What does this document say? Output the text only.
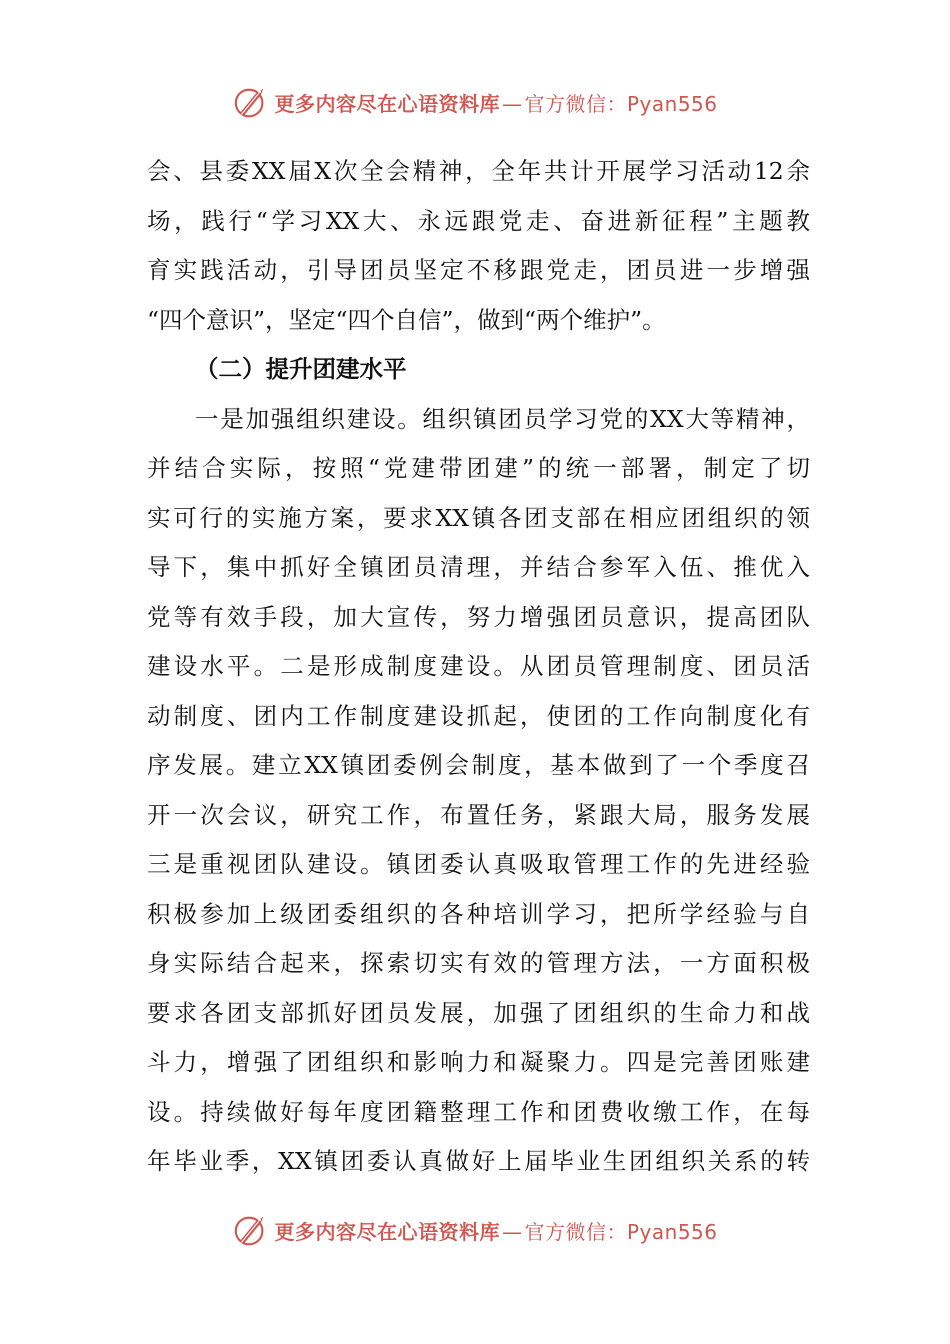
更多内容尽在心语资料库 — 官方微信：Pyan556
会、县委XX届X次全会精神，全年共计开展学习活动12余
场，践行“学习XX大、永远跟党走、奋进新征程”主题教
育实践活动，引导团员坚定不移跟党走，团员进一步增强
“四个意识”，坚定“四个自信”，做到“两个维护”。
（二）提升团建水平
一是加强组织建设。组织镇团员学习党的XX大等精神，
并结合实际，按照“党建带团建”的统一部署，制定了切
实可行的实施方案，要求XX镇各团支部在相应团组织的领
导下，集中抓好全镇团员清理，并结合参军入伍、推优入
党等有效手段，加大宣传，努力增强团员意识，提高团队
建设水平。二是形成制度建设。从团员管理制度、团员活
动制度、团内工作制度建设抓起，使团的工作向制度化有
序发展。建立XX镇团委例会制度，基本做到了一个季度召
开一次会议，研究工作，布置任务，紧跟大局，服务发展
三是重视团队建设。镇团委认真吸取管理工作的先进经验
积极参加上级团委组织的各种培训学习，把所学经验与自
身实际结合起来，探索切实有效的管理方法，一方面积极
要求各团支部抓好团员发展，加强了团组织的生命力和战
斗力，增强了团组织和影响力和凝聚力。四是完善团账建
设。持续做好每年度团籍整理工作和团费收缴工作，在每
年毕业季，XX镇团委认真做好上届毕业生团组织关系的转
更多内容尽在心语资料库 — 官方微信：Pyan556
